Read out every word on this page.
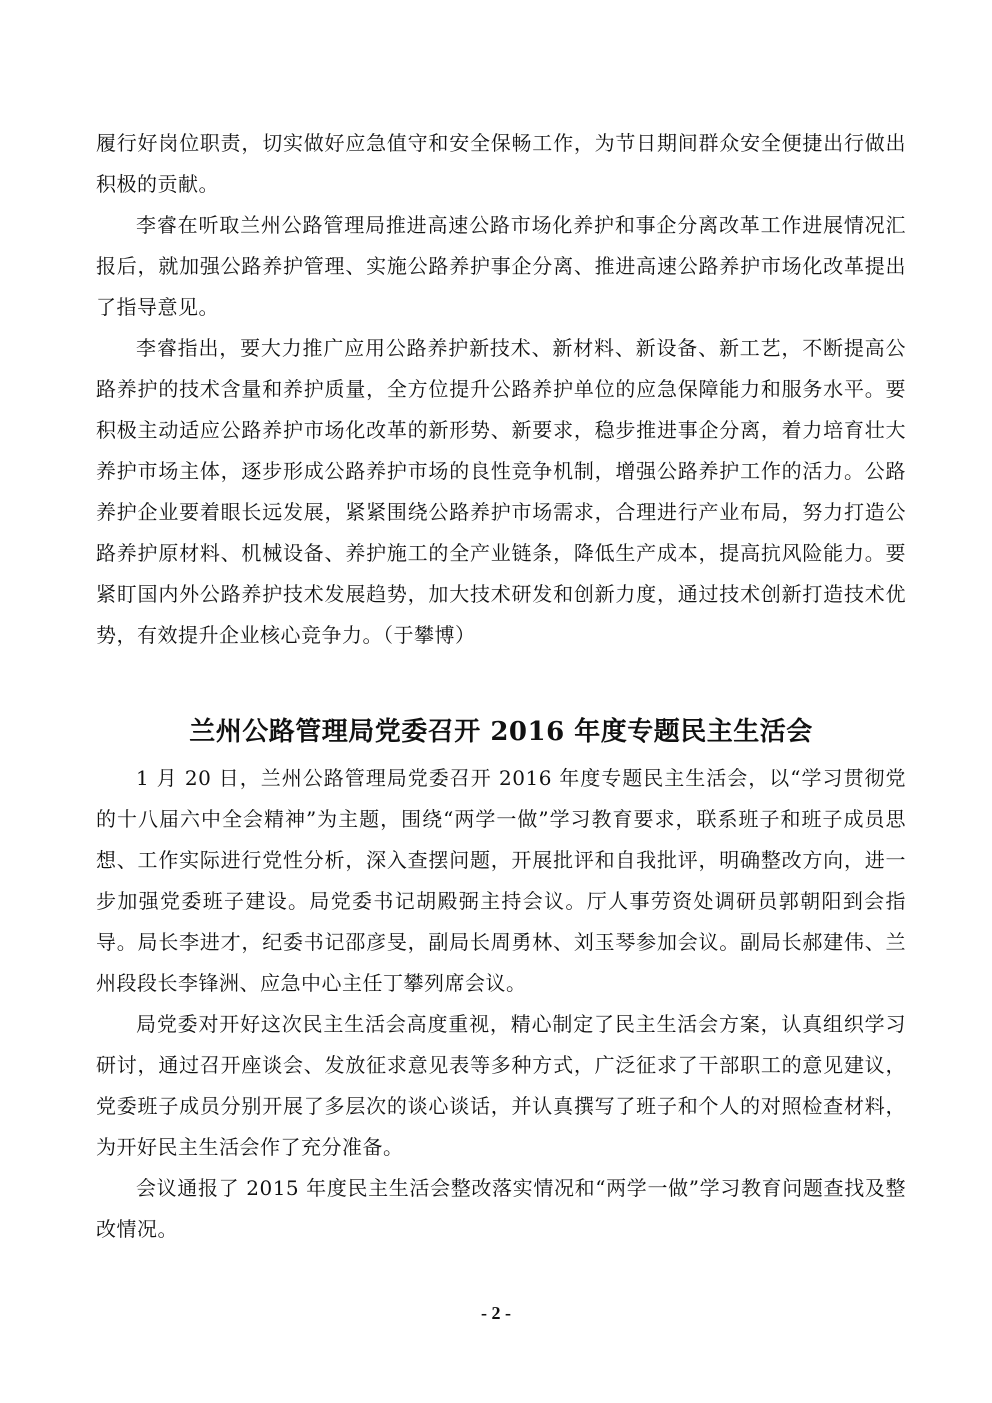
履行好岗位职责，切实做好应急值守和安全保畅工作，为节日期间群众安全便捷出行做出积极的贡献。

李睿在听取兰州公路管理局推进高速公路市场化养护和事企分离改革工作进展情况汇报后，就加强公路养护管理、实施公路养护事企分离、推进高速公路养护市场化改革提出了指导意见。

李睿指出，要大力推广应用公路养护新技术、新材料、新设备、新工艺，不断提高公路养护的技术含量和养护质量，全方位提升公路养护单位的应急保障能力和服务水平。要积极主动适应公路养护市场化改革的新形势、新要求，稳步推进事企分离，着力培育壮大养护市场主体，逐步形成公路养护市场的良性竞争机制，增强公路养护工作的活力。公路养护企业要着眼长远发展，紧紧围绕公路养护市场需求，合理进行产业布局，努力打造公路养护原材料、机械设备、养护施工的全产业链条，降低生产成本，提高抗风险能力。要紧盯国内外公路养护技术发展趋势，加大技术研发和创新力度，通过技术创新打造技术优势，有效提升企业核心竞争力。（于攀博）

兰州公路管理局党委召开 2016 年度专题民主生活会

1 月 20 日，兰州公路管理局党委召开 2016 年度专题民主生活会，以“学习贯彻党的十八届六中全会精神”为主题，围绕“两学一做”学习教育要求，联系班子和班子成员思想、工作实际进行党性分析，深入查摆问题，开展批评和自我批评，明确整改方向，进一步加强党委班子建设。局党委书记胡殿弼主持会议。厅人事劳资处调研员郭朝阳到会指导。局长李进才，纪委书记邵彦旻，副局长周勇林、刘玉琴参加会议。副局长郝建伟、兰州段段长李锋洲、应急中心主任丁攀列席会议。

局党委对开好这次民主生活会高度重视，精心制定了民主生活会方案，认真组织学习研讨，通过召开座谈会、发放征求意见表等多种方式，广泛征求了干部职工的意见建议，党委班子成员分别开展了多层次的谈心谈话，并认真撰写了班子和个人的对照检查材料，为开好民主生活会作了充分准备。

会议通报了 2015 年度民主生活会整改落实情况和“两学一做”学习教育问题查找及整改情况。

- 2 -
